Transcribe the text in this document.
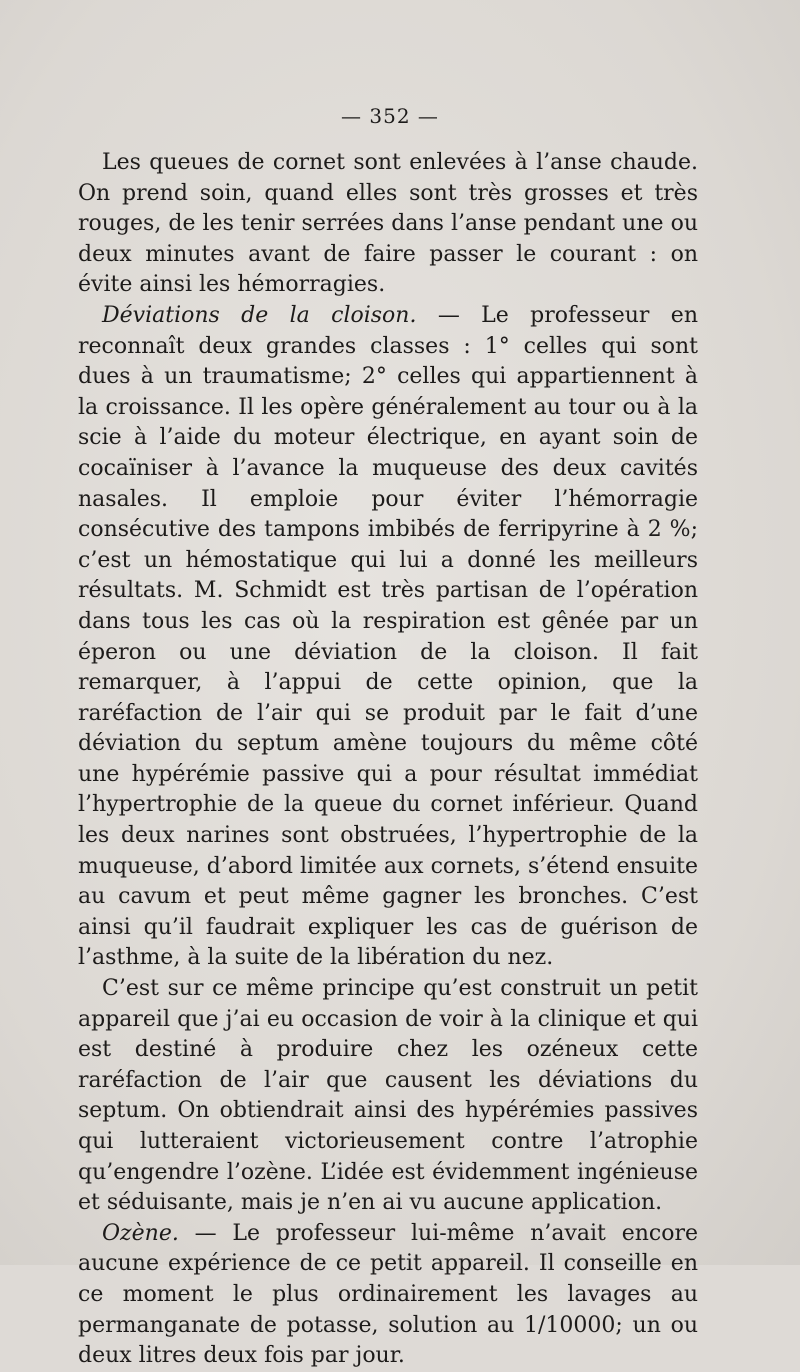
— 352 —

Les queues de cornet sont enlevées à l’anse chaude. On prend soin, quand elles sont très grosses et très rouges, de les tenir serrées dans l’anse pendant une ou deux minutes avant de faire passer le courant : on évite ainsi les hémorragies.

Déviations de la cloison. — Le professeur en reconnaît deux grandes classes : 1° celles qui sont dues à un traumatisme; 2° celles qui appartiennent à la croissance. Il les opère généralement au tour ou à la scie à l’aide du moteur électrique, en ayant soin de cocaïniser à l’avance la muqueuse des deux cavités nasales. Il emploie pour éviter l’hémorragie consécutive des tampons imbibés de ferripyrine à 2 %; c’est un hémostatique qui lui a donné les meilleurs résultats. M. Schmidt est très partisan de l’opération dans tous les cas où la respiration est gênée par un éperon ou une déviation de la cloison. Il fait remarquer, à l’appui de cette opinion, que la raréfaction de l’air qui se produit par le fait d’une déviation du septum amène toujours du même côté une hypérémie passive qui a pour résultat immédiat l’hypertrophie de la queue du cornet inférieur. Quand les deux narines sont obstruées, l’hypertrophie de la muqueuse, d’abord limitée aux cornets, s’étend ensuite au cavum et peut même gagner les bronches. C’est ainsi qu’il faudrait expliquer les cas de guérison de l’asthme, à la suite de la libération du nez.

C’est sur ce même principe qu’est construit un petit appareil que j’ai eu occasion de voir à la clinique et qui est destiné à produire chez les ozéneux cette raréfaction de l’air que causent les déviations du septum. On obtiendrait ainsi des hypérémies passives qui lutteraient victorieusement contre l’atrophie qu’engendre l’ozène. L’idée est évidemment ingénieuse et séduisante, mais je n’en ai vu aucune application.

Ozène. — Le professeur lui-même n’avait encore aucune expérience de ce petit appareil. Il conseille en ce moment le plus ordinairement les lavages au permanganate de potasse, solution au 1/10000; un ou deux litres deux fois par jour.
